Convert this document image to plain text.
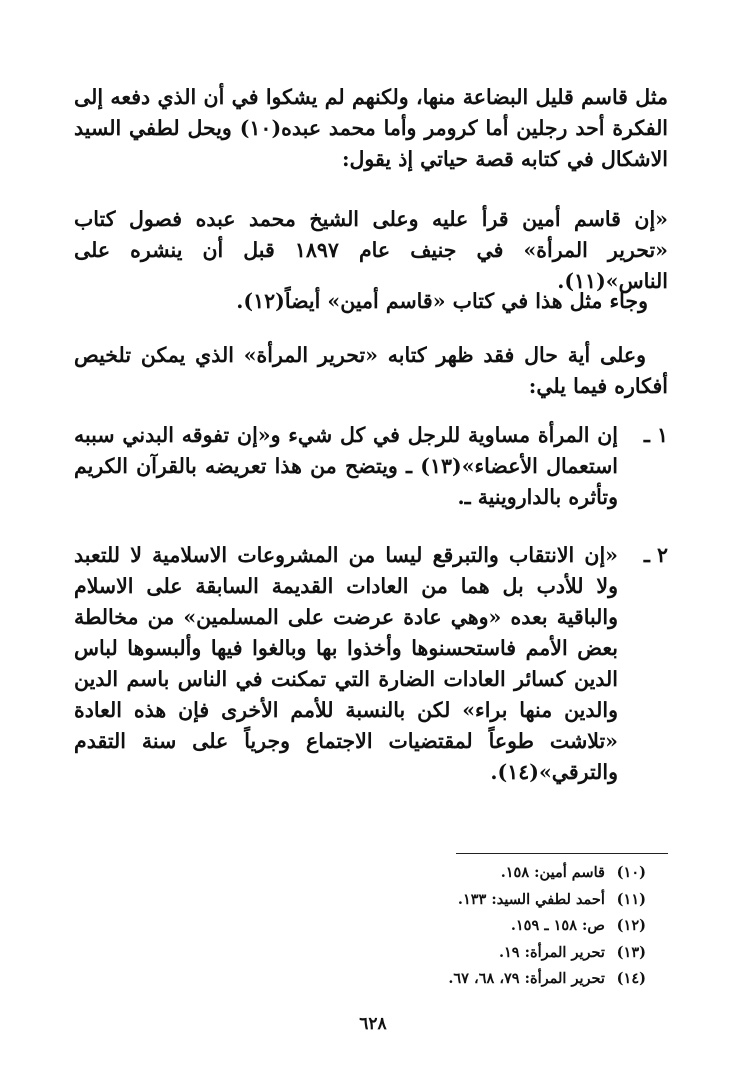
مثل قاسم قليل البضاعة منها، ولكنهم لم يشكوا في أن الذي دفعه إلى الفكرة أحد رجلين أما كرومر وأما محمد عبده(١٠) ويحل لطفي السيد الاشكال في كتابه قصة حياتي إذ يقول:

«إن قاسم أمين قرأ عليه وعلى الشيخ محمد عبده فصول كتاب «تحرير المرأة» في جنيف عام ١٨٩٧ قبل أن ينشره على الناس»(١١).

وجاء مثل هذا في كتاب «قاسم أمين» أيضاً(١٢).

وعلى أية حال فقد ظهر كتابه «تحرير المرأة» الذي يمكن تلخيص أفكاره فيما يلي:

١ ـ

إن المرأة مساوية للرجل في كل شيء و«إن تفوقه البدني سببه استعمال الأعضاء»(١٣) ـ ويتضح من هذا تعريضه بالقرآن الكريم وتأثره بالداروينية ـ.

٢ ـ

«إن الانتقاب والتبرقع ليسا من المشروعات الاسلامية لا للتعبد ولا للأدب بل هما من العادات القديمة السابقة على الاسلام والباقية بعده «وهي عادة عرضت على المسلمين» من مخالطة بعض الأمم فاستحسنوها وأخذوا بها وبالغوا فيها وألبسوها لباس الدين كسائر العادات الضارة التي تمكنت في الناس باسم الدين والدين منها براء» لكن بالنسبة للأمم الأخرى فإن هذه العادة «تلاشت طوعاً لمقتضيات الاجتماع وجرياً على سنة التقدم والترقي»(١٤).

(١٠) قاسم أمين: ١٥٨.
(١١) أحمد لطفي السيد: ١٣٣.
(١٢) ص: ١٥٨ ـ ١٥٩.
(١٣) تحرير المرأة: ١٩.
(١٤) تحرير المرأة: ٧٩، ٦٨، ٦٧.
٦٢٨
